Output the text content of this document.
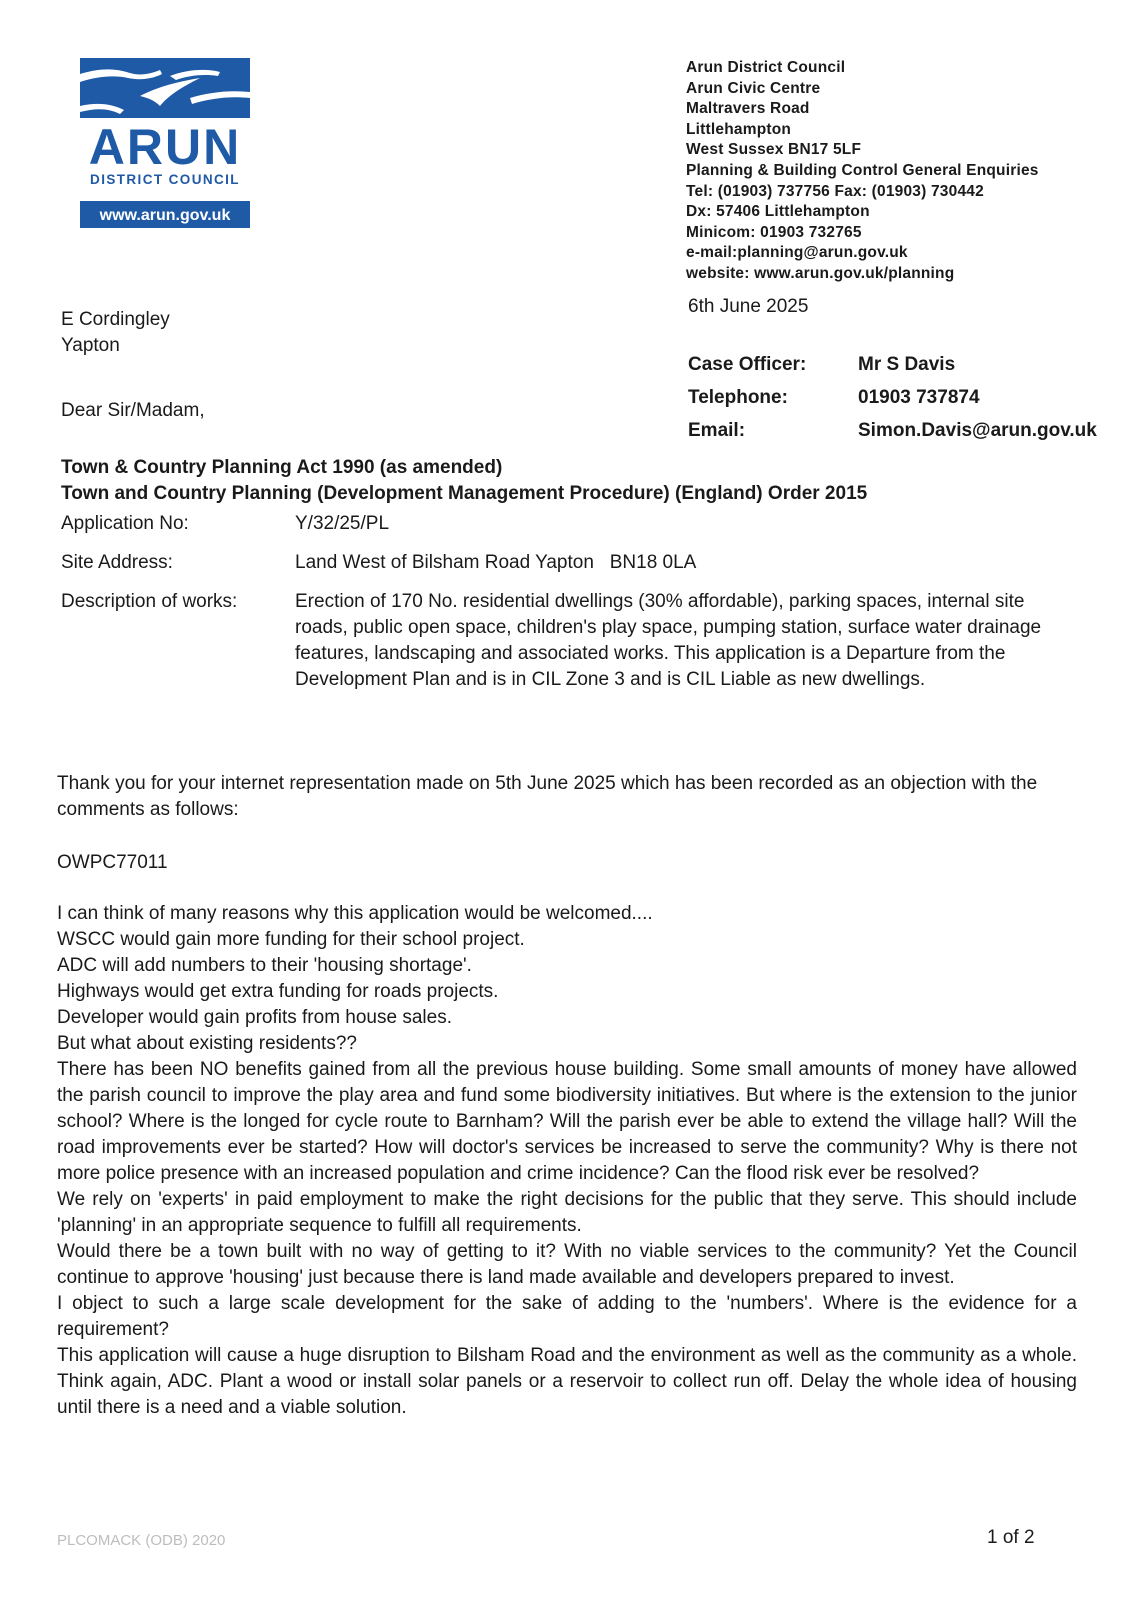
ARUN
DISTRICT COUNCIL
www.arun.gov.uk
Arun District Council
Arun Civic Centre
Maltravers Road
Littlehampton
West Sussex BN17 5LF
Planning & Building Control General Enquiries
Tel: (01903) 737756 Fax: (01903) 730442
Dx: 57406 Littlehampton
Minicom: 01903 732765
e-mail:planning@arun.gov.uk
website: www.arun.gov.uk/planning
6th June 2025
E Cordingley
Yapton
Dear Sir/Madam,
Case Officer:	Mr S Davis
Telephone:	01903 737874
Email:	Simon.Davis@arun.gov.uk
Town & Country Planning Act 1990 (as amended)
Town and Country Planning (Development Management Procedure) (England) Order 2015
Application No:	Y/32/25/PL
Site Address:	Land West of Bilsham Road Yapton   BN18 0LA
Description of works:	Erection of 170 No. residential dwellings (30% affordable), parking spaces, internal site roads, public open space, children's play space, pumping station, surface water drainage features, landscaping and associated works. This application is a Departure from the Development Plan and is in CIL Zone 3 and is CIL Liable as new dwellings.
Thank you for your internet representation made on 5th June 2025 which has been recorded as an objection with the comments as follows:
OWPC77011

I can think of many reasons why this application would be welcomed....

WSCC would gain more funding for their school project.

ADC will add numbers to their 'housing shortage'.

Highways would get extra funding for roads projects.

Developer would gain profits from house sales.

But what about existing residents??

There has been NO benefits gained from all the previous house building. Some small amounts of money have allowed the parish council to improve the play area and fund some biodiversity initiatives. But where is the extension to the junior school? Where is the longed for cycle route to Barnham? Will the parish ever be able to extend the village hall? Will the road improvements ever be started? How will doctor's services be increased to serve the community? Why is there not more police presence with an increased population and crime incidence? Can the flood risk ever be resolved?

We rely on 'experts' in paid employment to make the right decisions for the public that they serve. This should include 'planning' in an appropriate sequence to fulfill all requirements.

Would there be a town built with no way of getting to it? With no viable services to the community? Yet the Council continue to approve 'housing' just because there is land made available and developers prepared to invest.

I object to such a large scale development for the sake of adding to the 'numbers'. Where is the evidence for a requirement?

This application will cause a huge disruption to Bilsham Road and the environment as well as the community as a whole. Think again, ADC. Plant a wood or install solar panels or a reservoir to collect run off. Delay the whole idea of housing until there is a need and a viable solution.

PLCOMACK (ODB) 2020	1 of 2
